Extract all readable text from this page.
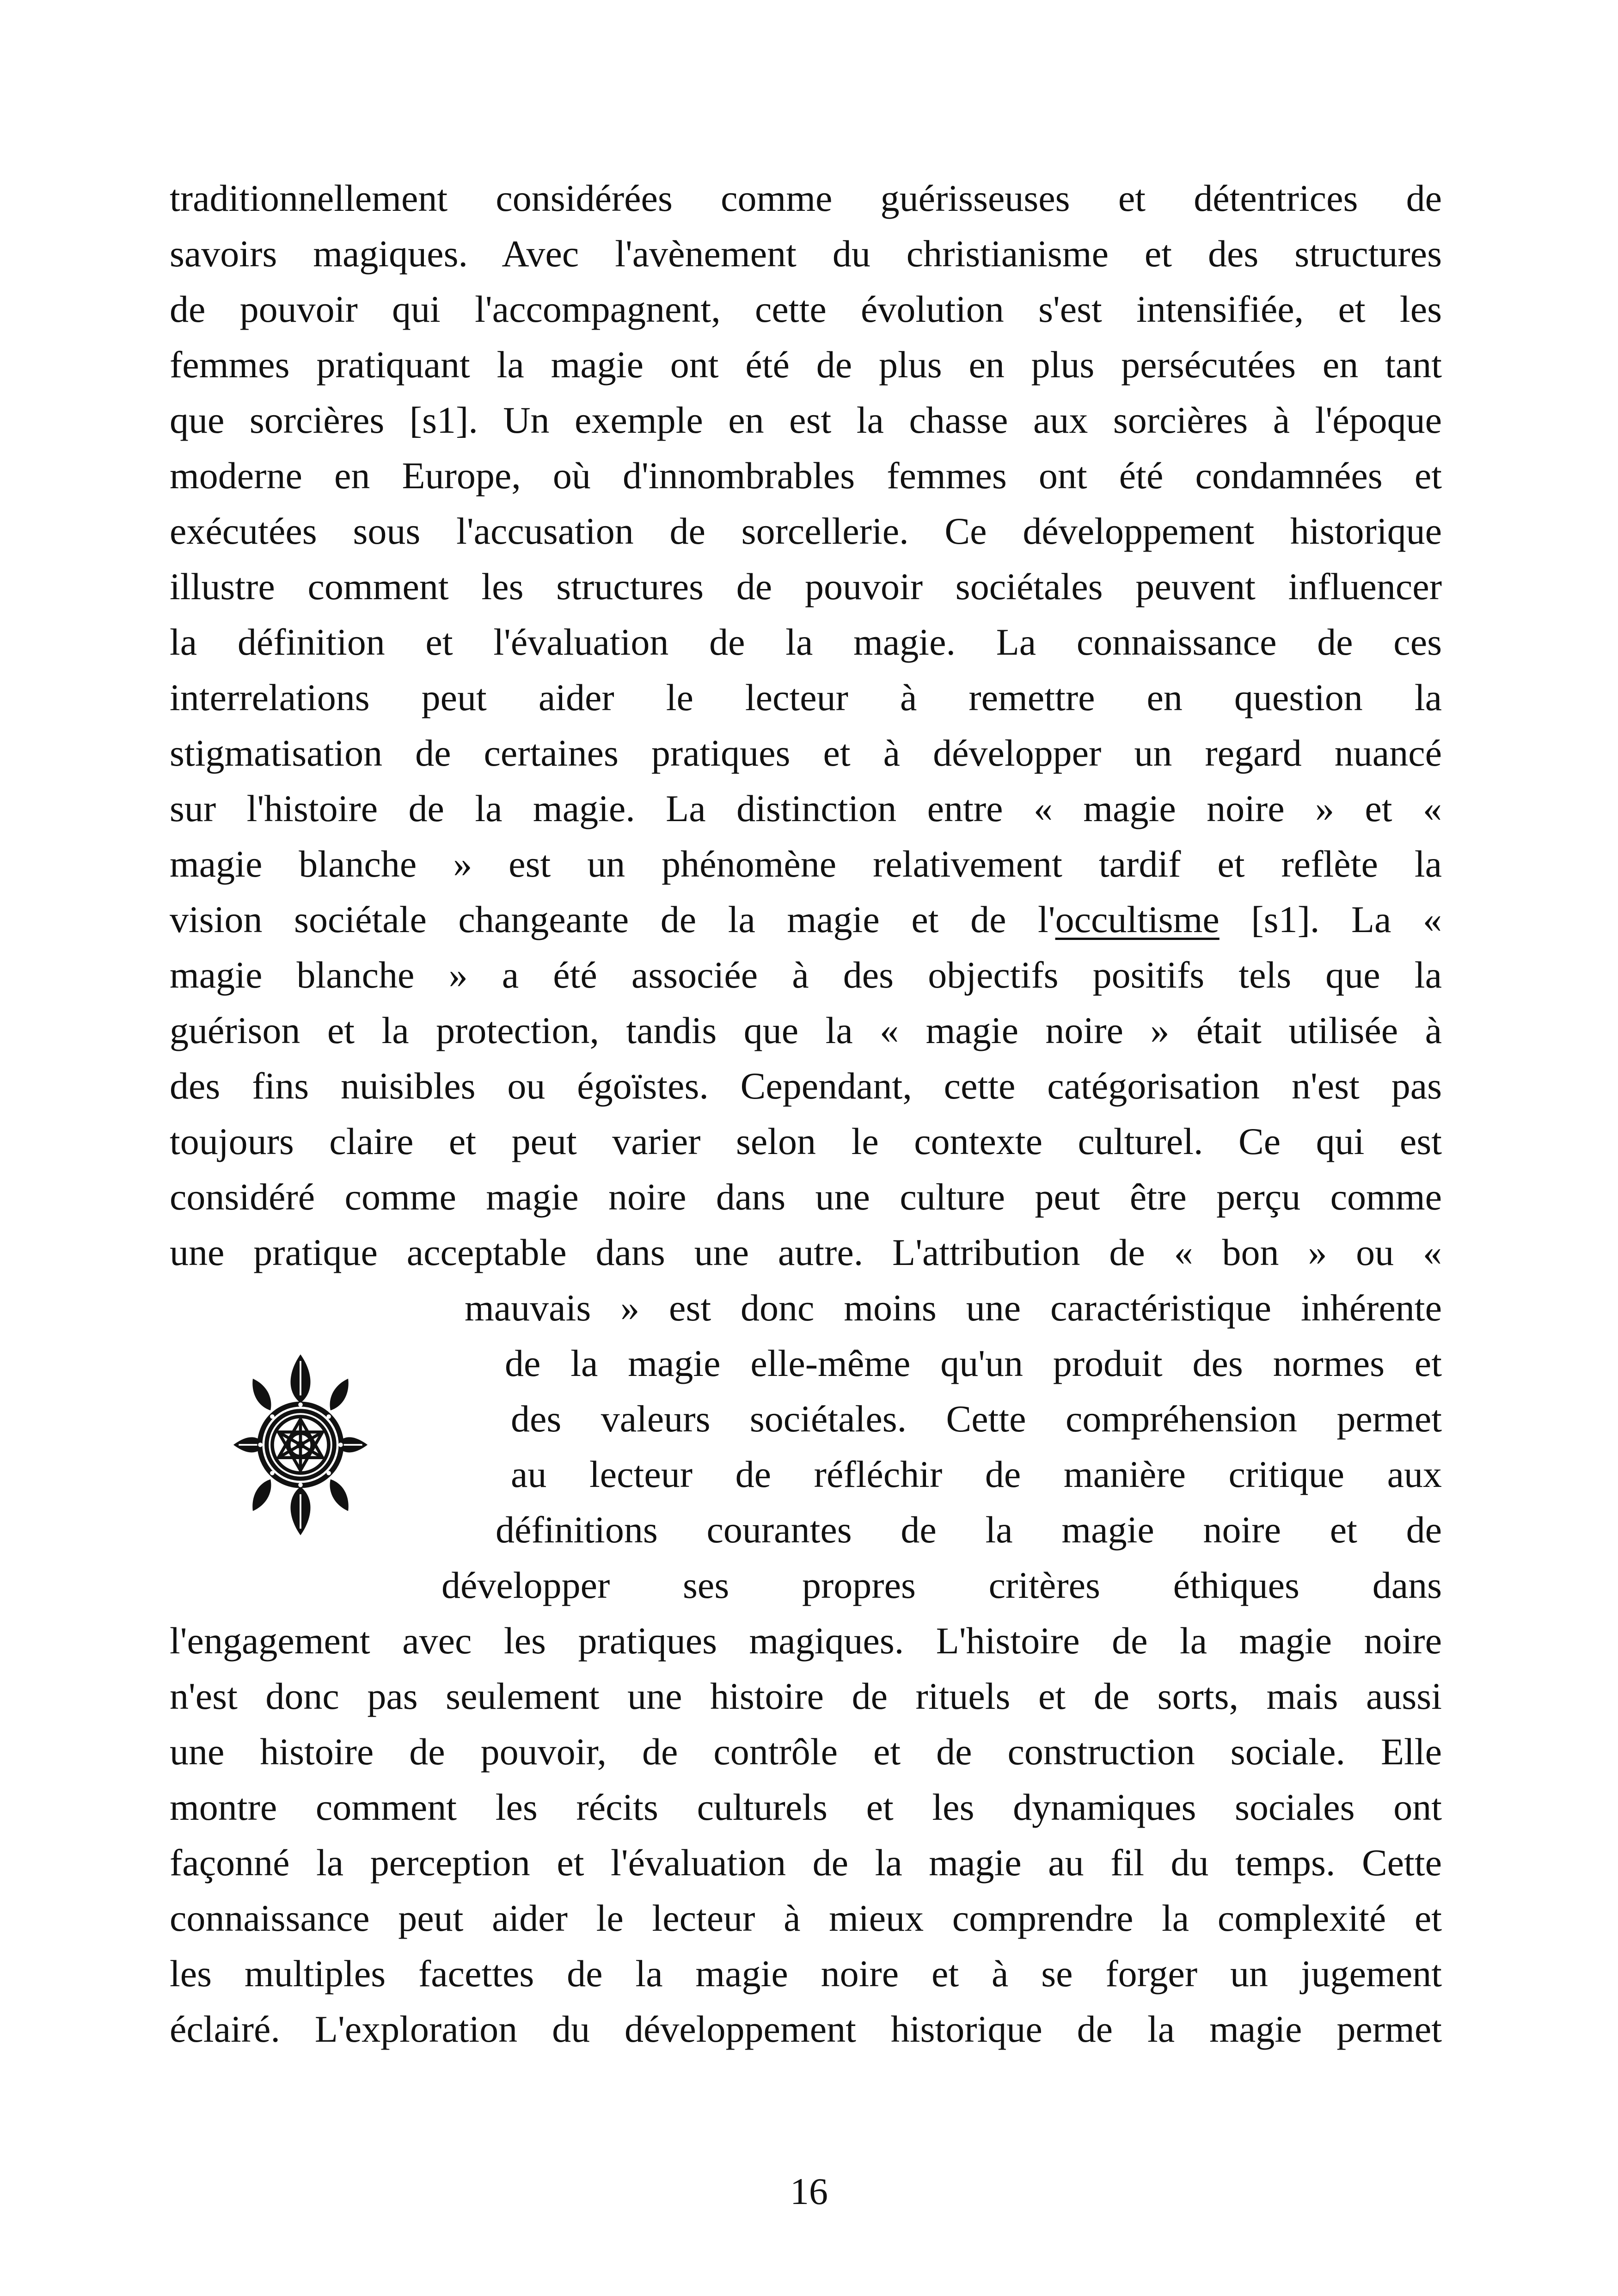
traditionnellement considérées comme guérisseuses et détentrices de
savoirs magiques. Avec l'avènement du christianisme et des structures
de pouvoir qui l'accompagnent, cette évolution s'est intensifiée, et les
femmes pratiquant la magie ont été de plus en plus persécutées en tant
que sorcières [s1]. Un exemple en est la chasse aux sorcières à l'époque
moderne en Europe, où d'innombrables femmes ont été condamnées et
exécutées sous l'accusation de sorcellerie. Ce développement historique
illustre comment les structures de pouvoir sociétales peuvent influencer
la définition et l'évaluation de la magie. La connaissance de ces
interrelations peut aider le lecteur à remettre en question la
stigmatisation de certaines pratiques et à développer un regard nuancé
sur l'histoire de la magie. La distinction entre « magie noire » et «
magie blanche » est un phénomène relativement tardif et reflète la
vision sociétale changeante de la magie et de l'occultisme [s1]. La «
magie blanche » a été associée à des objectifs positifs tels que la
guérison et la protection, tandis que la « magie noire » était utilisée à
des fins nuisibles ou égoïstes. Cependant, cette catégorisation n'est pas
toujours claire et peut varier selon le contexte culturel. Ce qui est
considéré comme magie noire dans une culture peut être perçu comme
une pratique acceptable dans une autre. L'attribution de « bon » ou «
mauvais » est donc moins une caractéristique inhérente
de la magie elle-même qu'un produit des normes et
des valeurs sociétales. Cette compréhension permet
au lecteur de réfléchir de manière critique aux
définitions courantes de la magie noire et de
développer ses propres critères éthiques dans
l'engagement avec les pratiques magiques. L'histoire de la magie noire
n'est donc pas seulement une histoire de rituels et de sorts, mais aussi
une histoire de pouvoir, de contrôle et de construction sociale. Elle
montre comment les récits culturels et les dynamiques sociales ont
façonné la perception et l'évaluation de la magie au fil du temps. Cette
connaissance peut aider le lecteur à mieux comprendre la complexité et
les multiples facettes de la magie noire et à se forger un jugement
éclairé. L'exploration du développement historique de la magie permet
16
